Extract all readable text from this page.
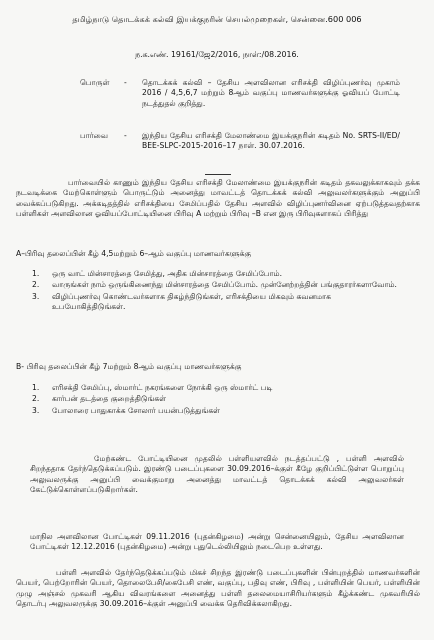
தமிழ்நாடு தொடக்கக் கல்வி இயக்குநரின் செயல்முறைகள், சென்னை.600 006
ந.க.எண். 19161/ஜே2/2016, நாள்:/08.2016.
பொருள்	- தொடக்கக் கல்வி – தேசிய அளவிலான எரிசக்தி விழிப்புணர்வு முகாம் 2016 / 4,5,6,7 மற்றும் 8ஆம் வகுப்பு மாணவர்களுக்கு ஓவியப் போட்டி நடத்துதல் குறித்து.
பார்வை	- இந்திய தேசிய எரிசக்தி மேலாண்மை இயக்குநரின் கடிதம் No. SRTS-II/ED/ BEE-SLPC-2015-2016–17 நாள். 30.07.2016.
பார்வையில் காணும் இந்திய தேசிய எரிசக்தி மேலாண்மை இயக்குநரின் கடிதம் தகவலுக்காகவும் தக்க நடவடிக்கை மேற்கொள்ளும் பொருட்டும் அனைத்து மாவட்டத் தொடக்கக் கல்வி அலுவலர்களுக்கும் அனுப்பி வைக்கப்படுகிறது. அக்கடிதத்தில் எரிசக்தியை சேமிப்பதில் தேசிய அளவில் விழிப்புணர்வினை ஏற்படுத்தவதற்காக பள்ளிகள் அளவிலான ஓவியப்போட்டியினை பிரிவு A மற்றும் பிரிவு –B என இரு பிரிவுகளாகப் பிரித்து
A–பிரிவு தலைப்பின் கீழ் 4,5மற்றும் 6–ஆம் வகுப்பு மாணவர்களுக்கு
1. ஒரு வாட் மின்சாரத்தை சேமித்து, அதிக மின்சாரத்தை சேமிப்போம்.
2. வாருங்கள் நாம் ஒருங்கிணைந்து மின்சாரத்தை சேமிப்போம். முன்னேற்றத்தின் பங்குதாரர்களாவோம்.
3. விழிப்புணர்வு கொண்டவர்களாக திகழ்ந்திடுங்கள், எரிசக்தியை மிகவும் கவனமாக உபயோகித்திடுங்கள்.
B- பிரிவு தலைப்பின் கீழ் 7மற்றும் 8ஆம் வகுப்பு மாணவர்களுக்கு
1. எரிசக்தி சேமிப்பு, ஸ்மார்ட் நகரங்களை நோக்கி ஒரு ஸ்மார்ட் படி
2. கார்பன் தடத்தை குறைத்திடுங்கள்
3. போலாரை பாதுகாக்க சோலார் பயன்படுத்துங்கள்
மேற்கண்ட போட்டியினை முதலில் பள்ளியளவில் நடத்தப்பட்டு , பள்ளி அளவில் சிறந்ததாக தேர்ந்தெடுக்கப்படும். இரண்டு படைப்புகளை 30.09.2016–க்குள் கீழே குறிப்பிட்டுள்ள பொறுப்பு அலுவலருக்கு அனுப்பி வைக்குமாறு அனைத்து மாவட்டத் தொடக்கக் கல்வி அலுவலர்கள் கேட்டுக்கொள்ளப்படுகிறார்கள்.
மாநில அளவிலான போட்டிகள் 09.11.2016 (புதன்கிழமை) அன்று சென்னையிலும், தேசிய அளவிலான போட்டிகள் 12.12.2016 (புதன்கிழமை) அன்று புதுடெல்லியிலும் நடைபெற உள்ளது.
பள்ளி அளவில் தேர்ந்தெடுக்கப்படும் மிகச் சிறந்த இரண்டு படைப்புகளின் பின்புறத்தில் மாணவர்களின் பெயர், பெற்றோரின் பெயர், தொலைபேசி/கைபேசி எண், வகுப்பு, பதிவு எண், பிரிவு , பள்ளியின் பெயர், பள்ளியின் முழு அஞ்சல் முகவரி ஆகிய விவரங்களை அனைத்து பள்ளி தலைமையாசிரியர்களும் கீழ்க்கண்ட முகவரியில் தொடர்பு அலுவலருக்கு 30.09.2016–க்குள் அனுப்பி வைக்க தெரிவிக்கலாகிறது.
